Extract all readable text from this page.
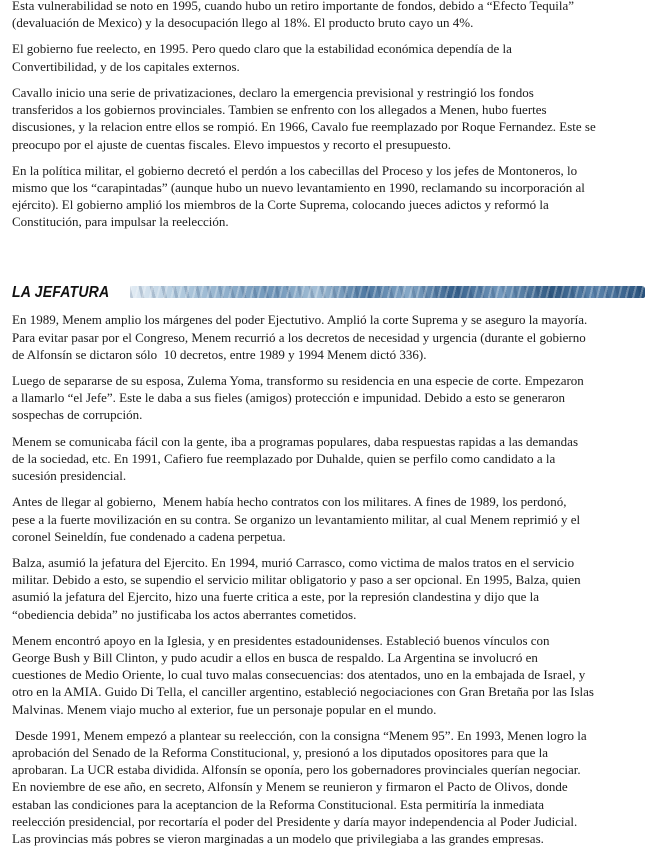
Esta vulnerabilidad se noto en 1995, cuando hubo un retiro importante de fondos, debido a “Efecto Tequila”
(devaluación de Mexico) y la desocupación llego al 18%. El producto bruto cayo un 4%.
El gobierno fue reelecto, en 1995. Pero quedo claro que la estabilidad económica dependía de la
Convertibilidad, y de los capitales externos.
Cavallo inicio una serie de privatizaciones, declaro la emergencia previsional y restringió los fondos
transferidos a los gobiernos provinciales. Tambien se enfrento con los allegados a Menen, hubo fuertes
discusiones, y la relacion entre ellos se rompió. En 1966, Cavalo fue reemplazado por Roque Fernandez. Este se
preocupo por el ajuste de cuentas fiscales. Elevo impuestos y recorto el presupuesto.
En la política militar, el gobierno decretó el perdón a los cabecillas del Proceso y los jefes de Montoneros, lo
mismo que los “carapintadas” (aunque hubo un nuevo levantamiento en 1990, reclamando su incorporación al
ejército). El gobierno amplió los miembros de la Corte Suprema, colocando jueces adictos y reformó la
Constitución, para impulsar la reelección.
LA JEFATURA
En 1989, Menem amplio los márgenes del poder Ejectutivo. Amplió la corte Suprema y se aseguro la mayoría.
Para evitar pasar por el Congreso, Menem recurrió a los decretos de necesidad y urgencia (durante el gobierno
de Alfonsín se dictaron sólo  10 decretos, entre 1989 y 1994 Menem dictó 336).
Luego de separarse de su esposa, Zulema Yoma, transformo su residencia en una especie de corte. Empezaron
a llamarlo “el Jefe”. Este le daba a sus fieles (amigos) protección e impunidad. Debido a esto se generaron
sospechas de corrupción.
Menem se comunicaba fácil con la gente, iba a programas populares, daba respuestas rapidas a las demandas
de la sociedad, etc. En 1991, Cafiero fue reemplazado por Duhalde, quien se perfilo como candidato a la
sucesión presidencial.
Antes de llegar al gobierno,  Menem había hecho contratos con los militares. A fines de 1989, los perdonó,
pese a la fuerte movilización en su contra. Se organizo un levantamiento militar, al cual Menem reprimió y el
coronel Seineldín, fue condenado a cadena perpetua.
Balza, asumió la jefatura del Ejercito. En 1994, murió Carrasco, como victima de malos tratos en el servicio
militar. Debido a esto, se supendio el servicio militar obligatorio y paso a ser opcional. En 1995, Balza, quien
asumió la jefatura del Ejercito, hizo una fuerte critica a este, por la represión clandestina y dijo que la
“obediencia debida” no justificaba los actos aberrantes cometidos.
Menem encontró apoyo en la Iglesia, y en presidentes estadounidenses. Estableció buenos vínculos con
George Bush y Bill Clinton, y pudo acudir a ellos en busca de respaldo. La Argentina se involucró en
cuestiones de Medio Oriente, lo cual tuvo malas consecuencias: dos atentados, uno en la embajada de Israel, y
otro en la AMIA. Guido Di Tella, el canciller argentino, estableció negociaciones con Gran Bretaña por las Islas
Malvinas. Menem viajo mucho al exterior, fue un personaje popular en el mundo.
Desde 1991, Menem empezó a plantear su reelección, con la consigna “Menem 95”. En 1993, Menen logro la
aprobación del Senado de la Reforma Constitucional, y, presionó a los diputados opositores para que la
aprobaran. La UCR estaba dividida. Alfonsín se oponía, pero los gobernadores provinciales querían negociar.
En noviembre de ese año, en secreto, Alfonsín y Menem se reunieron y firmaron el Pacto de Olivos, donde
estaban las condiciones para la aceptancion de la Reforma Constitucional. Esta permitiría la inmediata
reelección presidencial, por recortaría el poder del Presidente y daría mayor independencia al Poder Judicial.
Las provincias más pobres se vieron marginadas a un modelo que privilegiaba a las grandes empresas.
